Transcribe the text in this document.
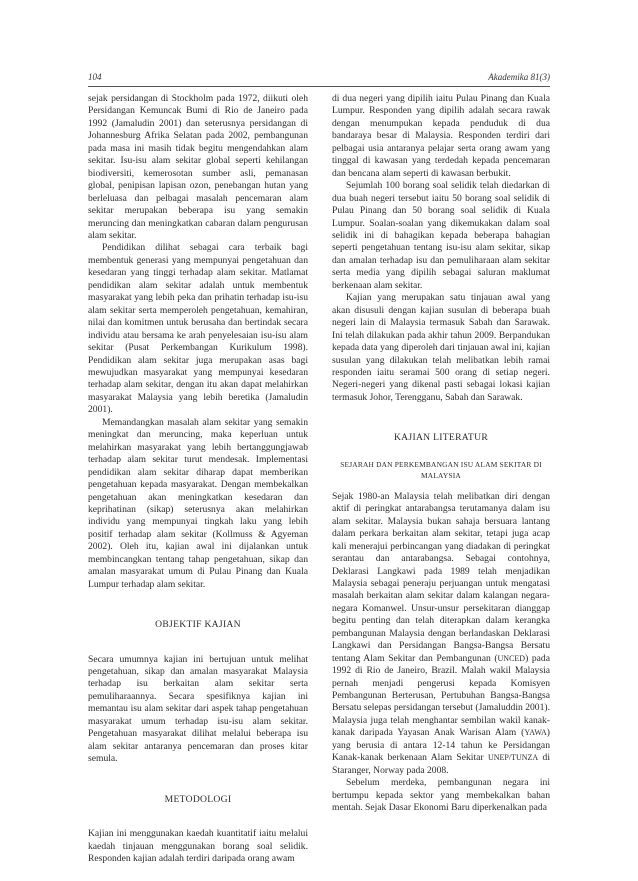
104	Akademika 81(3)

sejak persidangan di Stockholm pada 1972, diikuti oleh Persidangan Kemuncak Bumi di Rio de Janeiro pada 1992 (Jamaludin 2001) dan seterusnya persidangan di Johannesburg Afrika Selatan pada 2002, pembangunan pada masa ini masih tidak begitu mengendahkan alam sekitar. Isu-isu alam sekitar global seperti kehilangan biodiversiti, kemerosotan sumber asli, pemanasan global, penipisan lapisan ozon, penebangan hutan yang berleluasa dan pelbagai masalah pencemaran alam sekitar merupakan beberapa isu yang semakin meruncing dan meningkatkan cabaran dalam pengurusan alam sekitar.

Pendidikan dilihat sebagai cara terbaik bagi membentuk generasi yang mempunyai pengetahuan dan kesedaran yang tinggi terhadap alam sekitar. Matlamat pendidikan alam sekitar adalah untuk membentuk masyarakat yang lebih peka dan prihatin terhadap isu-isu alam sekitar serta memperoleh pengetahuan, kemahiran, nilai dan komitmen untuk berusaha dan bertindak secara individu atau bersama ke arah penyelesaian isu-isu alam sekitar (Pusat Perkembangan Kurikulum 1998). Pendidikan alam sekitar juga merupakan asas bagi mewujudkan masyarakat yang mempunyai kesedaran terhadap alam sekitar, dengan itu akan dapat melahirkan masyarakat Malaysia yang lebih beretika (Jamaludin 2001).

Memandangkan masalah alam sekitar yang semakin meningkat dan meruncing, maka keperluan untuk melahirkan masyarakat yang lebih bertanggungjawab terhadap alam sekitar turut mendesak. Implementasi pendidikan alam sekitar diharap dapat memberikan pengetahuan kepada masyarakat. Dengan membekalkan pengetahuan akan meningkatkan kesedaran dan keprihatinan (sikap) seterusnya akan melahirkan individu yang mempunyai tingkah laku yang lebih positif terhadap alam sekitar (Kollmuss & Agyeman 2002). Oleh itu, kajian awal ini dijalankan untuk membincangkan tentang tahap pengetahuan, sikap dan amalan masyarakat umum di Pulau Pinang dan Kuala Lumpur terhadap alam sekitar.

OBJEKTIF KAJIAN

Secara umumnya kajian ini bertujuan untuk melihat pengetahuan, sikap dan amalan masyarakat Malaysia terhadap isu berkaitan alam sekitar serta pemuliharaannya. Secara spesifiknya kajian ini memantau isu alam sekitar dari aspek tahap pengetahuan masyarakat umum terhadap isu-isu alam sekitar. Pengetahuan masyarakat dilihat melalui beberapa isu alam sekitar antaranya pencemaran dan proses kitar semula.

METODOLOGI

Kajian ini menggunakan kaedah kuantitatif iaitu melalui kaedah tinjauan menggunakan borang soal selidik. Responden kajian adalah terdiri daripada orang awam

di dua negeri yang dipilih iaitu Pulau Pinang dan Kuala Lumpur. Responden yang dipilih adalah secara rawak dengan menumpukan kepada penduduk di dua bandaraya besar di Malaysia. Responden terdiri dari pelbagai usia antaranya pelajar serta orang awam yang tinggal di kawasan yang terdedah kepada pencemaran dan bencana alam seperti di kawasan berbukit.

Sejumlah 100 borang soal selidik telah diedarkan di dua buah negeri tersebut iaitu 50 borang soal selidik di Pulau Pinang dan 50 borang soal selidik di Kuala Lumpur. Soalan-soalan yang dikemukakan dalam soal selidik ini di bahagikan kepada beberapa bahagian seperti pengetahuan tentang isu-isu alam sekitar, sikap dan amalan terhadap isu dan pemuliharaan alam sekitar serta media yang dipilih sebagai saluran maklumat berkenaan alam sekitar.

Kajian yang merupakan satu tinjauan awal yang akan disusuli dengan kajian susulan di beberapa buah negeri lain di Malaysia termasuk Sabah dan Sarawak. Ini telah dilakukan pada akhir tahun 2009. Berpandukan kepada data yang diperoleh dari tinjauan awal ini, kajian susulan yang dilakukan telah melibatkan lebih ramai responden iaitu seramai 500 orang di setiap negeri. Negeri-negeri yang dikenal pasti sebagai lokasi kajian termasuk Johor, Terengganu, Sabah dan Sarawak.

KAJIAN LITERATUR

SEJARAH DAN PERKEMBANGAN ISU ALAM SEKITAR DI MALAYSIA

Sejak 1980-an Malaysia telah melibatkan diri dengan aktif di peringkat antarabangsa terutamanya dalam isu alam sekitar. Malaysia bukan sahaja bersuara lantang dalam perkara berkaitan alam sekitar, tetapi juga acap kali menerajui perbincangan yang diadakan di peringkat serantau dan antarabangsa. Sebagai contohnya, Deklarasi Langkawi pada 1989 telah menjadikan Malaysia sebagai peneraju perjuangan untuk mengatasi masalah berkaitan alam sekitar dalam kalangan negara-negara Komanwel. Unsur-unsur persekitaran dianggap begitu penting dan telah diterapkan dalam kerangka pembangunan Malaysia dengan berlandaskan Deklarasi Langkawi dan Persidangan Bangsa-Bangsa Bersatu tentang Alam Sekitar dan Pembangunan (UNCED) pada 1992 di Rio de Janeiro, Brazil. Malah wakil Malaysia pernah menjadi pengerusi kepada Komisyen Pembangunan Berterusan, Pertubuhan Bangsa-Bangsa Bersatu selepas persidangan tersebut (Jamaluddin 2001). Malaysia juga telah menghantar sembilan wakil kanak-kanak daripada Yayasan Anak Warisan Alam (YAWA) yang berusia di antara 12-14 tahun ke Persidangan Kanak-kanak berkenaan Alam Sekitar UNEP/TUNZA di Staranger, Norway pada 2008.

Sebelum merdeka, pembangunan negara ini bertumpu kepada sektor yang membekalkan bahan mentah. Sejak Dasar Ekonomi Baru diperkenalkan pada
